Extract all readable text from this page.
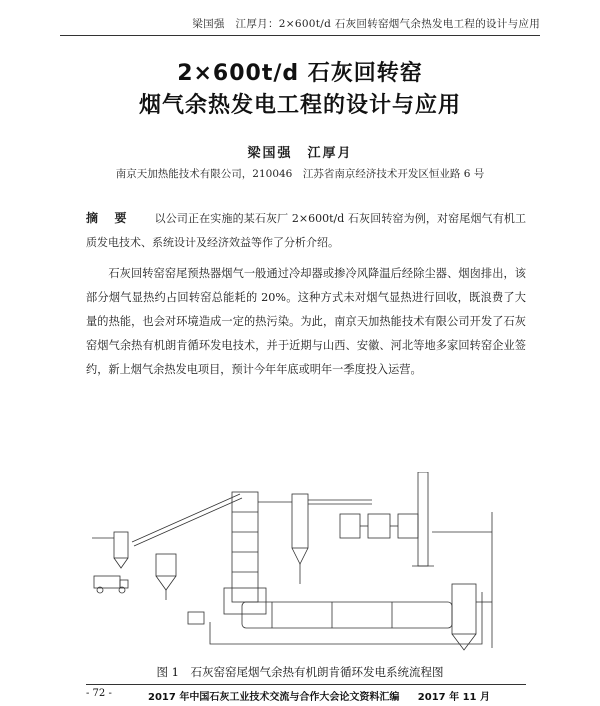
梁国强　江厚月：2×600t/d 石灰回转窑烟气余热发电工程的设计与应用
2×600t/d 石灰回转窑
烟气余热发电工程的设计与应用
梁国强　江厚月
南京天加热能技术有限公司，210046　江苏省南京经济技术开发区恒业路 6 号
摘 要 以公司正在实施的某石灰厂 2×600t/d 石灰回转窑为例，对窑尾烟气有机工质发电技术、系统设计及经济效益等作了分析介绍。
石灰回转窑窑尾预热器烟气一般通过冷却器或掺冷风降温后经除尘器、烟囱排出，该部分烟气显热约占回转窑总能耗的 20%。这种方式未对烟气显热进行回收，既浪费了大量的热能，也会对环境造成一定的热污染。为此，南京天加热能技术有限公司开发了石灰窑烟气余热有机朗肯循环发电技术，并于近期与山西、安徽、河北等地多家回转窑企业签约，新上烟气余热发电项目，预计今年年底或明年一季度投入运营。
图 1　石灰窑窑尾烟气余热有机朗肯循环发电系统流程图
- 72 -	2017 年中国石灰工业技术交流与合作大会论文资料汇编 2017 年 11 月
